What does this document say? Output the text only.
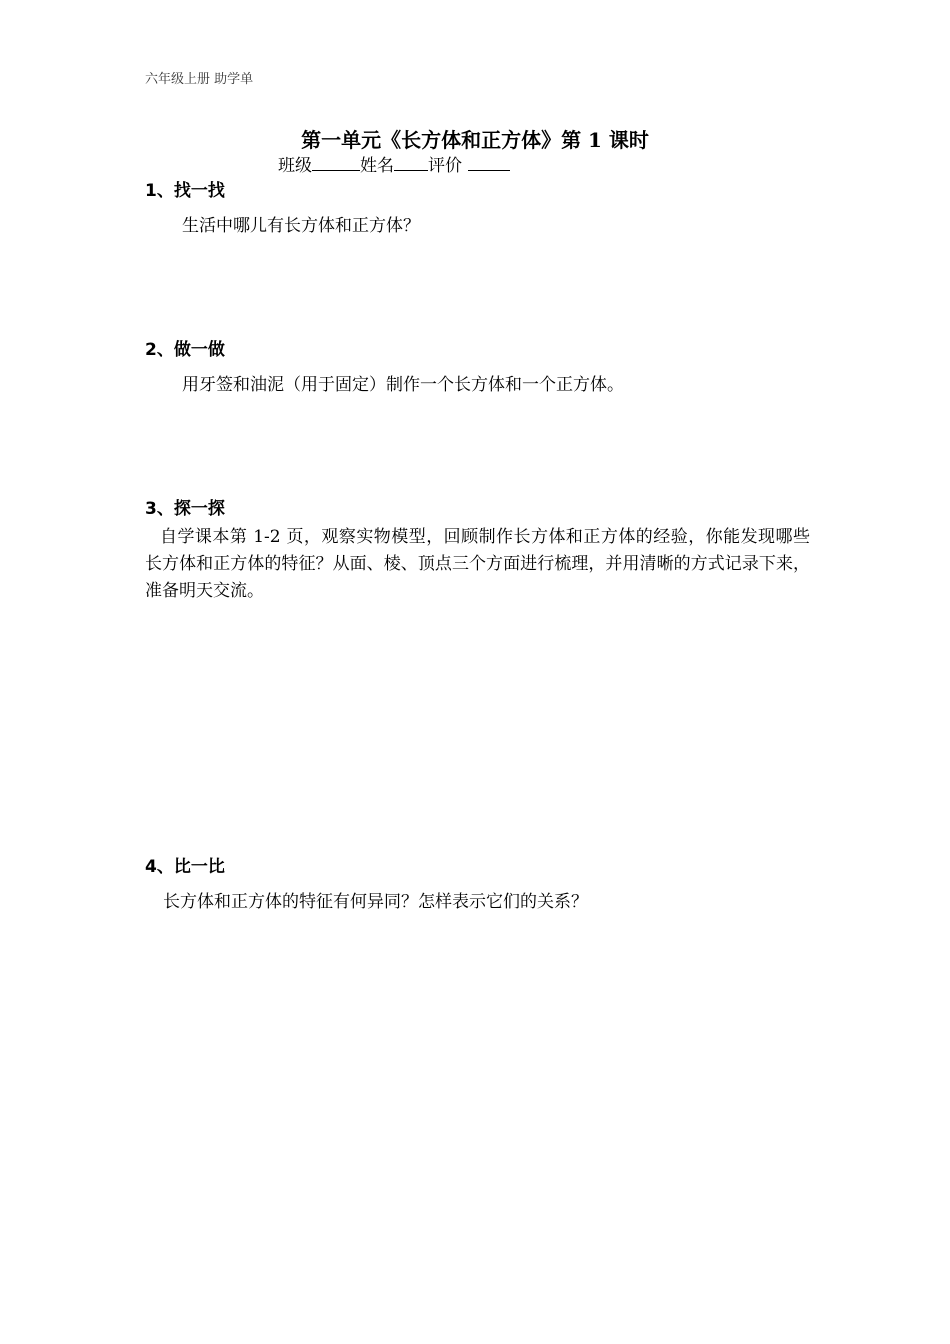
六年级上册 助学单
第一单元《长方体和正方体》第 1 课时
班级	姓名 评价
1、找一找
生活中哪儿有长方体和正方体？
2、做一做
用牙签和油泥（用于固定）制作一个长方体和一个正方体。
3、探一探
自学课本第 1-2 页，观察实物模型，回顾制作长方体和正方体的经验，你能发现哪些长方体和正方体的特征？从面、棱、顶点三个方面进行梳理，并用清晰的方式记录下来，准备明天交流。
4、比一比
长方体和正方体的特征有何异同？怎样表示它们的关系？
